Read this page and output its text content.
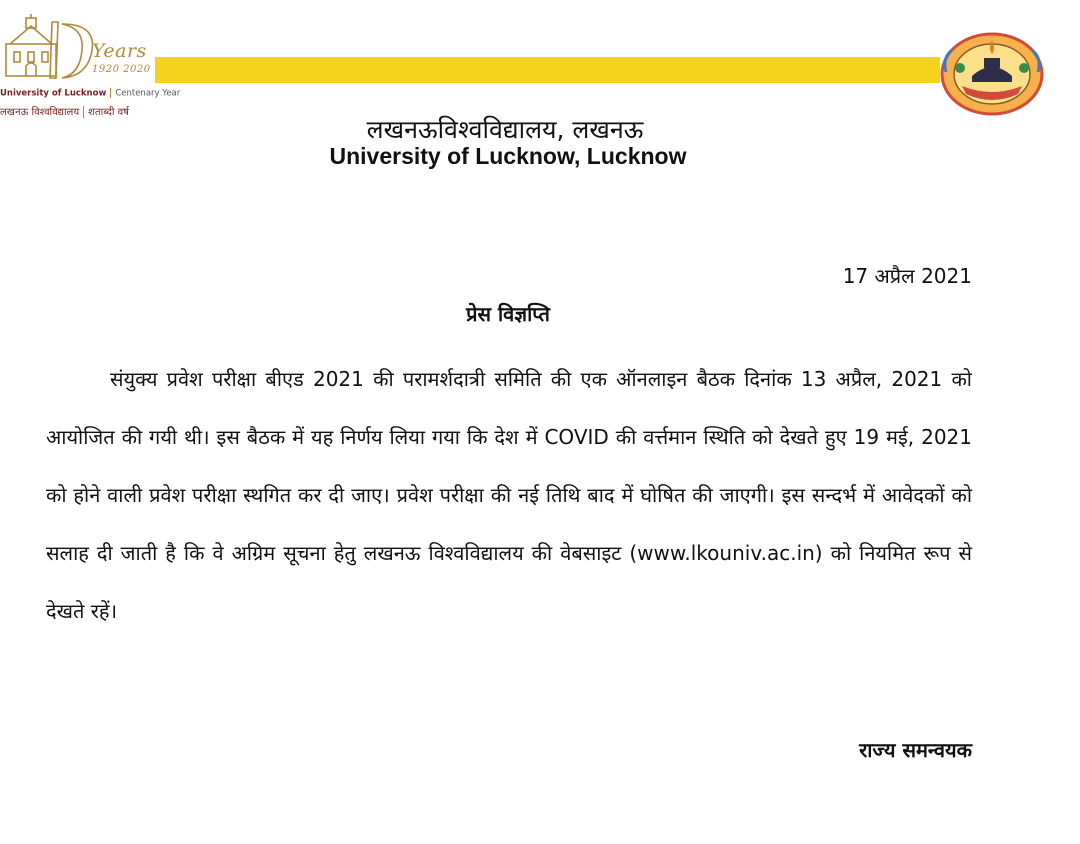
Years
1920 2020
University of Lucknow Centenary Year
लखनऊ विश्वविद्यालय शताब्दी वर्ष
लखनऊविश्वविद्यालय, लखनऊ
University of Lucknow, Lucknow
17 अप्रैल 2021
प्रेस विज्ञप्ति
संयुक्य प्रवेश परीक्षा बीएड 2021 की परामर्शदात्री समिति की एक ऑनलाइन बैठक दिनांक 13 अप्रैल, 2021 को आयोजित की गयी थी। इस बैठक में यह निर्णय लिया गया कि देश में COVID की वर्त्तमान स्थिति को देखते हुए 19 मई, 2021 को होने वाली प्रवेश परीक्षा स्थगित कर दी जाए। प्रवेश परीक्षा की नई तिथि बाद में घोषित की जाएगी। इस सन्दर्भ में आवेदकों को सलाह दी जाती है कि वे अग्रिम सूचना हेतु लखनऊ विश्वविद्यालय की वेबसाइट (www.lkouniv.ac.in) को नियमित रूप से देखते रहें।
राज्य समन्वयक
